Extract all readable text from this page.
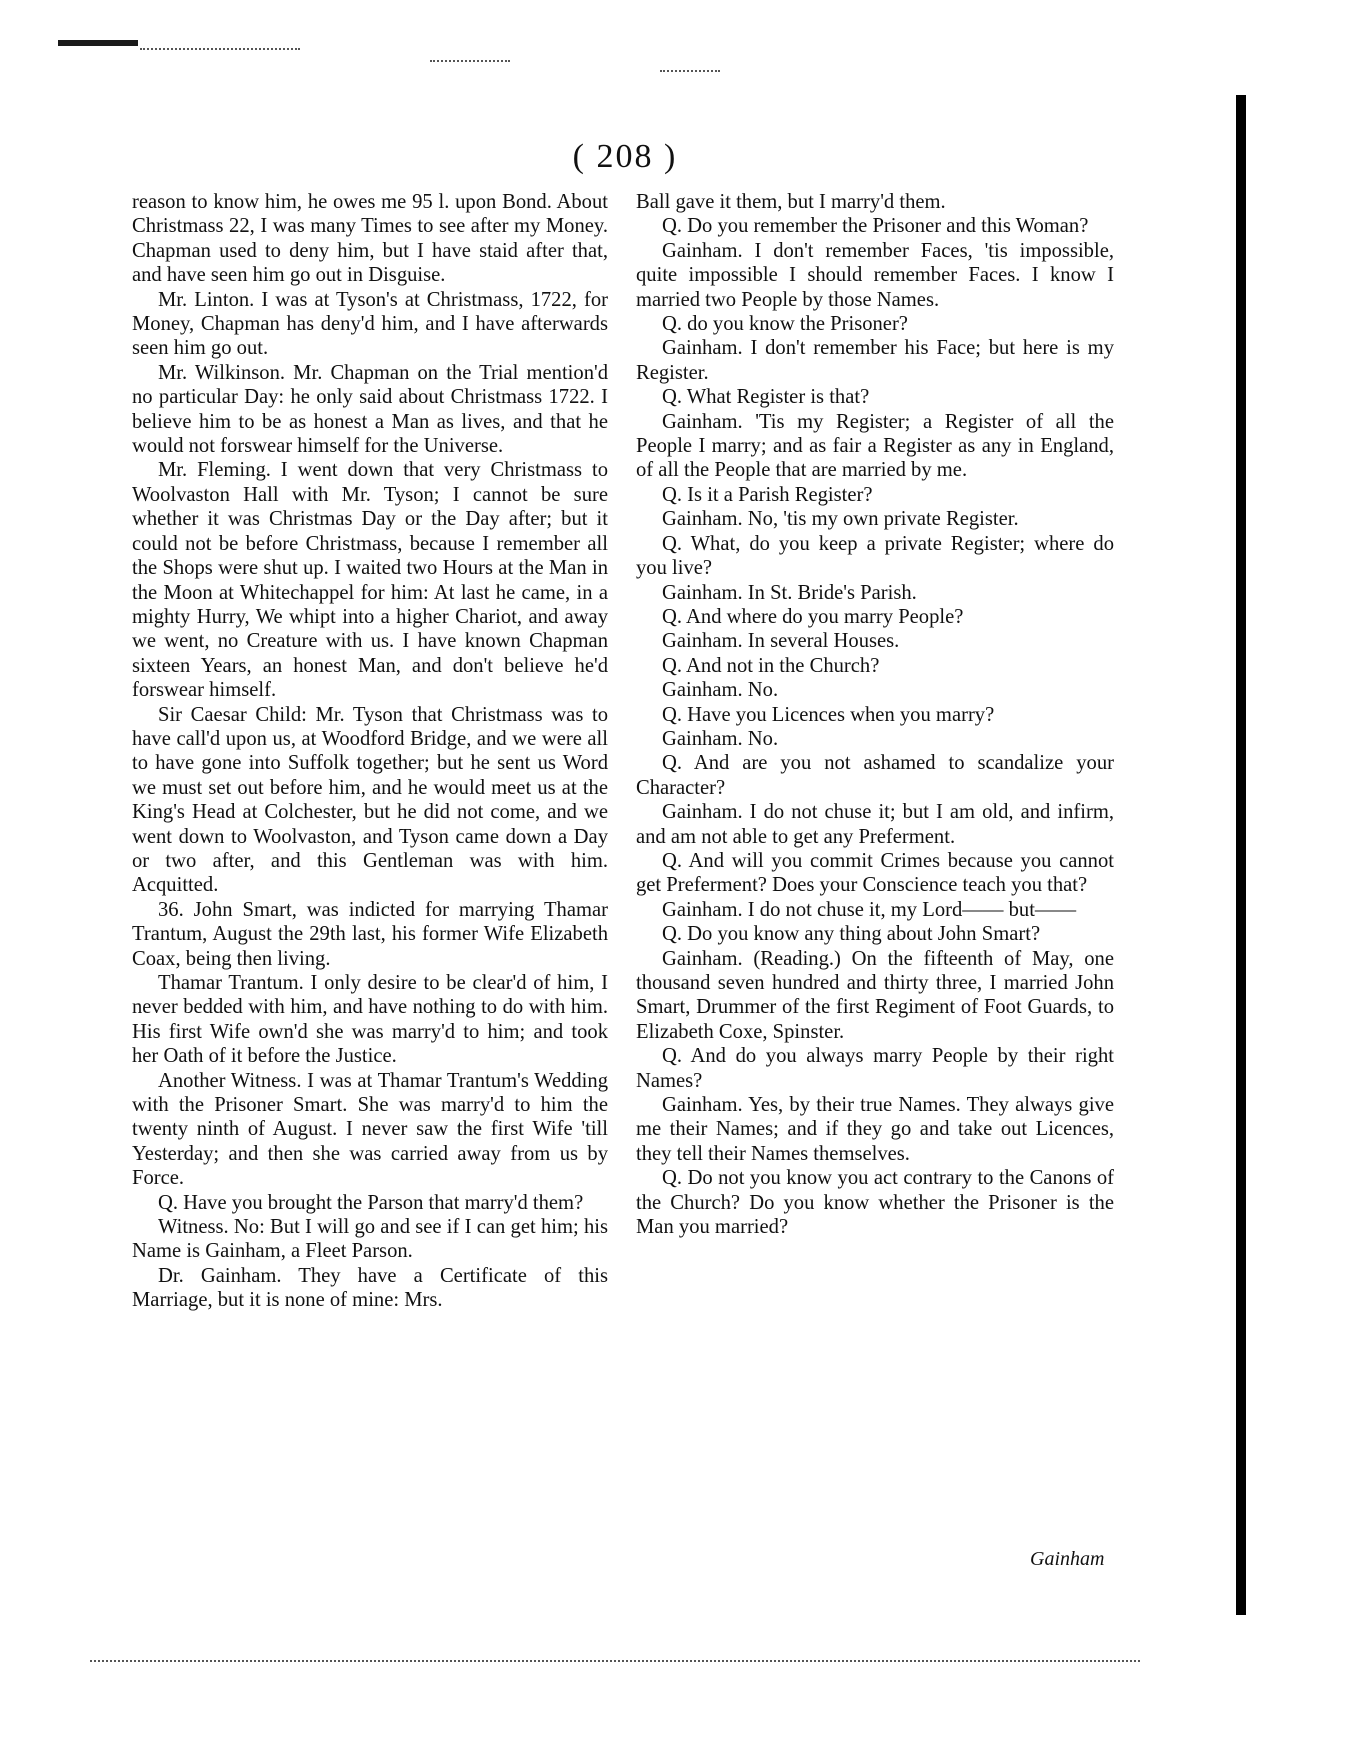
( 208 )

reason to know him, he owes me 95 l. upon Bond. About Christmass 22, I was many Times to see after my Money. Chapman used to deny him, but I have staid after that, and have seen him go out in Disguise.

Mr. Linton. I was at Tyson's at Christmass, 1722, for Money, Chapman has deny'd him, and I have afterwards seen him go out.

Mr. Wilkinson. Mr. Chapman on the Trial mention'd no particular Day: he only said about Christmass 1722. I believe him to be as honest a Man as lives, and that he would not forswear himself for the Universe.

Mr. Fleming. I went down that very Christmass to Woolvaston Hall with Mr. Tyson; I cannot be sure whether it was Christmas Day or the Day after; but it could not be before Christmass, because I remember all the Shops were shut up. I waited two Hours at the Man in the Moon at Whitechappel for him: At last he came, in a mighty Hurry, We whipt into a higher Chariot, and away we went, no Creature with us. I have known Chapman sixteen Years, an honest Man, and don't believe he'd forswear himself.

Sir Caesar Child: Mr. Tyson that Christmass was to have call'd upon us, at Woodford Bridge, and we were all to have gone into Suffolk together; but he sent us Word we must set out before him, and he would meet us at the King's Head at Colchester, but he did not come, and we went down to Woolvaston, and Tyson came down a Day or two after, and this Gentleman was with him. Acquitted.

36. John Smart, was indicted for marrying Thamar Trantum, August the 29th last, his former Wife Elizabeth Coax, being then living.

Thamar Trantum. I only desire to be clear'd of him, I never bedded with him, and have nothing to do with him. His first Wife own'd she was marry'd to him; and took her Oath of it before the Justice.

Another Witness. I was at Thamar Trantum's Wedding with the Prisoner Smart. She was marry'd to him the twenty ninth of August. I never saw the first Wife 'till Yesterday; and then she was carried away from us by Force.

Q. Have you brought the Parson that marry'd them?

Witness. No: But I will go and see if I can get him; his Name is Gainham, a Fleet Parson.

Dr. Gainham. They have a Certificate of this Marriage, but it is none of mine: Mrs.

Ball gave it them, but I marry'd them.

Q. Do you remember the Prisoner and this Woman?

Gainham. I don't remember Faces, 'tis impossible, quite impossible I should remember Faces. I know I married two People by those Names.

Q. do you know the Prisoner?

Gainham. I don't remember his Face; but here is my Register.

Q. What Register is that?

Gainham. 'Tis my Register; a Register of all the People I marry; and as fair a Register as any in England, of all the People that are married by me.

Q. Is it a Parish Register?

Gainham. No, 'tis my own private Register.

Q. What, do you keep a private Register; where do you live?

Gainham. In St. Bride's Parish.

Q. And where do you marry People?

Gainham. In several Houses.

Q. And not in the Church?

Gainham. No.

Q. Have you Licences when you marry?

Gainham. No.

Q. And are you not ashamed to scandalize your Character?

Gainham. I do not chuse it; but I am old, and infirm, and am not able to get any Preferment.

Q. And will you commit Crimes because you cannot get Preferment? Does your Conscience teach you that?

Gainham. I do not chuse it, my Lord—— but——

Q. Do you know any thing about John Smart?

Gainham. (Reading.) On the fifteenth of May, one thousand seven hundred and thirty three, I married John Smart, Drummer of the first Regiment of Foot Guards, to Elizabeth Coxe, Spinster.

Q. And do you always marry People by their right Names?

Gainham. Yes, by their true Names. They always give me their Names; and if they go and take out Licences, they tell their Names themselves.

Q. Do not you know you act contrary to the Canons of the Church? Do you know whether the Prisoner is the Man you married?

Gainham
